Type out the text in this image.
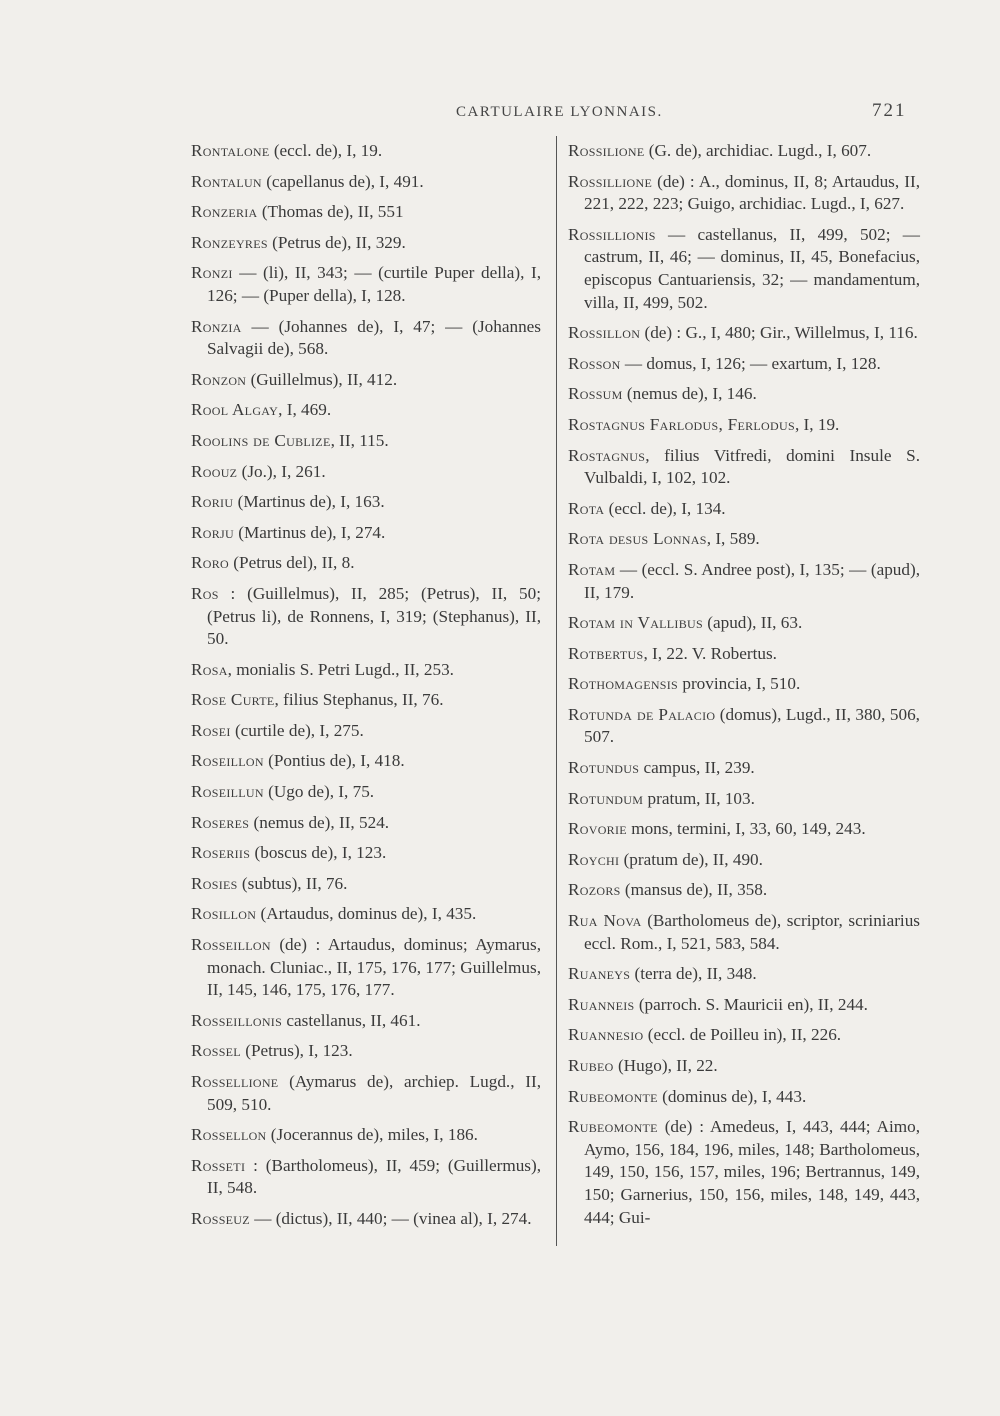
CARTULAIRE LYONNAIS.	721

Rontalone (eccl. de), I, 19.

Rontalun (capellanus de), I, 491.

Ronzeria (Thomas de), II, 551

Ronzeyres (Petrus de), II, 329.

Ronzi — (li), II, 343; — (curtile Puper della), I, 126; — (Puper della), I, 128.

Ronzia — (Johannes de), I, 47; — (Johannes Salvagii de), 568.

Ronzon (Guillelmus), II, 412.

Rool Algay, I, 469.

Roolins de Cublize, II, 115.

Roouz (Jo.), I, 261.

Roriu (Martinus de), I, 163.

Rorju (Martinus de), I, 274.

Roro (Petrus del), II, 8.

Ros : (Guillelmus), II, 285; (Petrus), II, 50; (Petrus li), de Ronnens, I, 319; (Stephanus), II, 50.

Rosa, monialis S. Petri Lugd., II, 253.

Rose Curte, filius Stephanus, II, 76.

Rosei (curtile de), I, 275.

Roseillon (Pontius de), I, 418.

Roseillun (Ugo de), I, 75.

Roseres (nemus de), II, 524.

Roseriis (boscus de), I, 123.

Rosies (subtus), II, 76.

Rosillon (Artaudus, dominus de), I, 435.

Rosseillon (de) : Artaudus, dominus; Aymarus, monach. Cluniac., II, 175, 176, 177; Guillelmus, II, 145, 146, 175, 176, 177.

Rosseillonis castellanus, II, 461.

Rossel (Petrus), I, 123.

Rossellione (Aymarus de), archiep. Lugd., II, 509, 510.

Rossellon (Jocerannus de), miles, I, 186.

Rosseti : (Bartholomeus), II, 459; (Guillermus), II, 548.

Rosseuz — (dictus), II, 440; — (vinea al), I, 274.

Rossilione (G. de), archidiac. Lugd., I, 607.

Rossillione (de) : A., dominus, II, 8; Artaudus, II, 221, 222, 223; Guigo, archidiac. Lugd., I, 627.

Rossillionis — castellanus, II, 499, 502; — castrum, II, 46; — dominus, II, 45, Bonefacius, episcopus Cantuariensis, 32; — mandamentum, villa, II, 499, 502.

Rossillon (de) : G., I, 480; Gir., Willelmus, I, 116.

Rosson — domus, I, 126; — exartum, I, 128.

Rossum (nemus de), I, 146.

Rostagnus Farlodus, Ferlodus, I, 19.

Rostagnus, filius Vitfredi, domini Insule S. Vulbaldi, I, 102, 102.

Rota (eccl. de), I, 134.

Rota desus Lonnas, I, 589.

Rotam — (eccl. S. Andree post), I, 135; — (apud), II, 179.

Rotam in Vallibus (apud), II, 63.

Rotbertus, I, 22. V. Robertus.

Rothomagensis provincia, I, 510.

Rotunda de Palacio (domus), Lugd., II, 380, 506, 507.

Rotundus campus, II, 239.

Rotundum pratum, II, 103.

Rovorie mons, termini, I, 33, 60, 149, 243.

Roychi (pratum de), II, 490.

Rozors (mansus de), II, 358.

Rua Nova (Bartholomeus de), scriptor, scriniarius eccl. Rom., I, 521, 583, 584.

Ruaneys (terra de), II, 348.

Ruanneis (parroch. S. Mauricii en), II, 244.

Ruannesio (eccl. de Poilleu in), II, 226.

Rubeo (Hugo), II, 22.

Rubeomonte (dominus de), I, 443.

Rubeomonte (de) : Amedeus, I, 443, 444; Aimo, Aymo, 156, 184, 196, miles, 148; Bartholomeus, 149, 150, 156, 157, miles, 196; Bertrannus, 149, 150; Garnerius, 150, 156, miles, 148, 149, 443, 444; Gui-
